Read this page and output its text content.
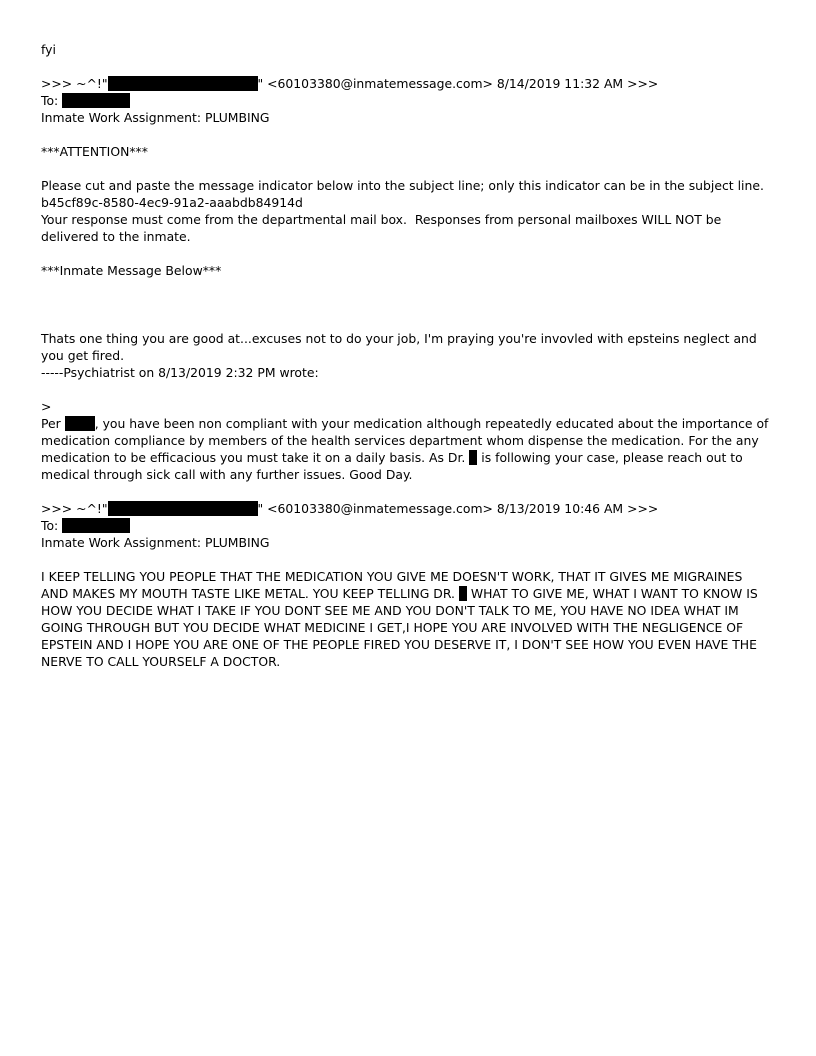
fyi
>>> ~^!"	" <60103380@inmatemessage.com> 8/14/2019 11:32 AM >>>
To:
Inmate Work Assignment: PLUMBING
***ATTENTION***
Please cut and paste the message indicator below into the subject line; only this indicator can be in the subject line.
b45cf89c-8580-4ec9-91a2-aaabdb84914d
Your response must come from the departmental mail box.  Responses from personal mailboxes WILL NOT be delivered to the inmate.
***Inmate Message Below***
Thats one thing you are good at...excuses not to do your job, I'm praying you're invovled with epsteins neglect and you get fired.
-----Psychiatrist on 8/13/2019 2:32 PM wrote:
>
Per	, you have been non compliant with your medication although repeatedly educated about the importance of medication compliance by members of the health services department whom dispense the medication. For the any medication to be efficacious you must take it on a daily basis. As Dr.  is following your case, please reach out to medical through sick call with any further issues. Good Day.
>>> ~^!"	" <60103380@inmatemessage.com> 8/13/2019 10:46 AM >>>
To:
Inmate Work Assignment: PLUMBING
I KEEP TELLING YOU PEOPLE THAT THE MEDICATION YOU GIVE ME DOESN'T WORK, THAT IT GIVES ME MIGRAINES AND MAKES MY MOUTH TASTE LIKE METAL. YOU KEEP TELLING DR.  WHAT TO GIVE ME, WHAT I WANT TO KNOW IS HOW YOU DECIDE WHAT I TAKE IF YOU DONT SEE ME AND YOU DON'T TALK TO ME, YOU HAVE NO IDEA WHAT IM GOING THROUGH BUT YOU DECIDE WHAT MEDICINE I GET,I HOPE YOU ARE INVOLVED WITH THE NEGLIGENCE OF EPSTEIN AND I HOPE YOU ARE ONE OF THE PEOPLE FIRED YOU DESERVE IT, I DON'T SEE HOW YOU EVEN HAVE THE NERVE TO CALL YOURSELF A DOCTOR.
